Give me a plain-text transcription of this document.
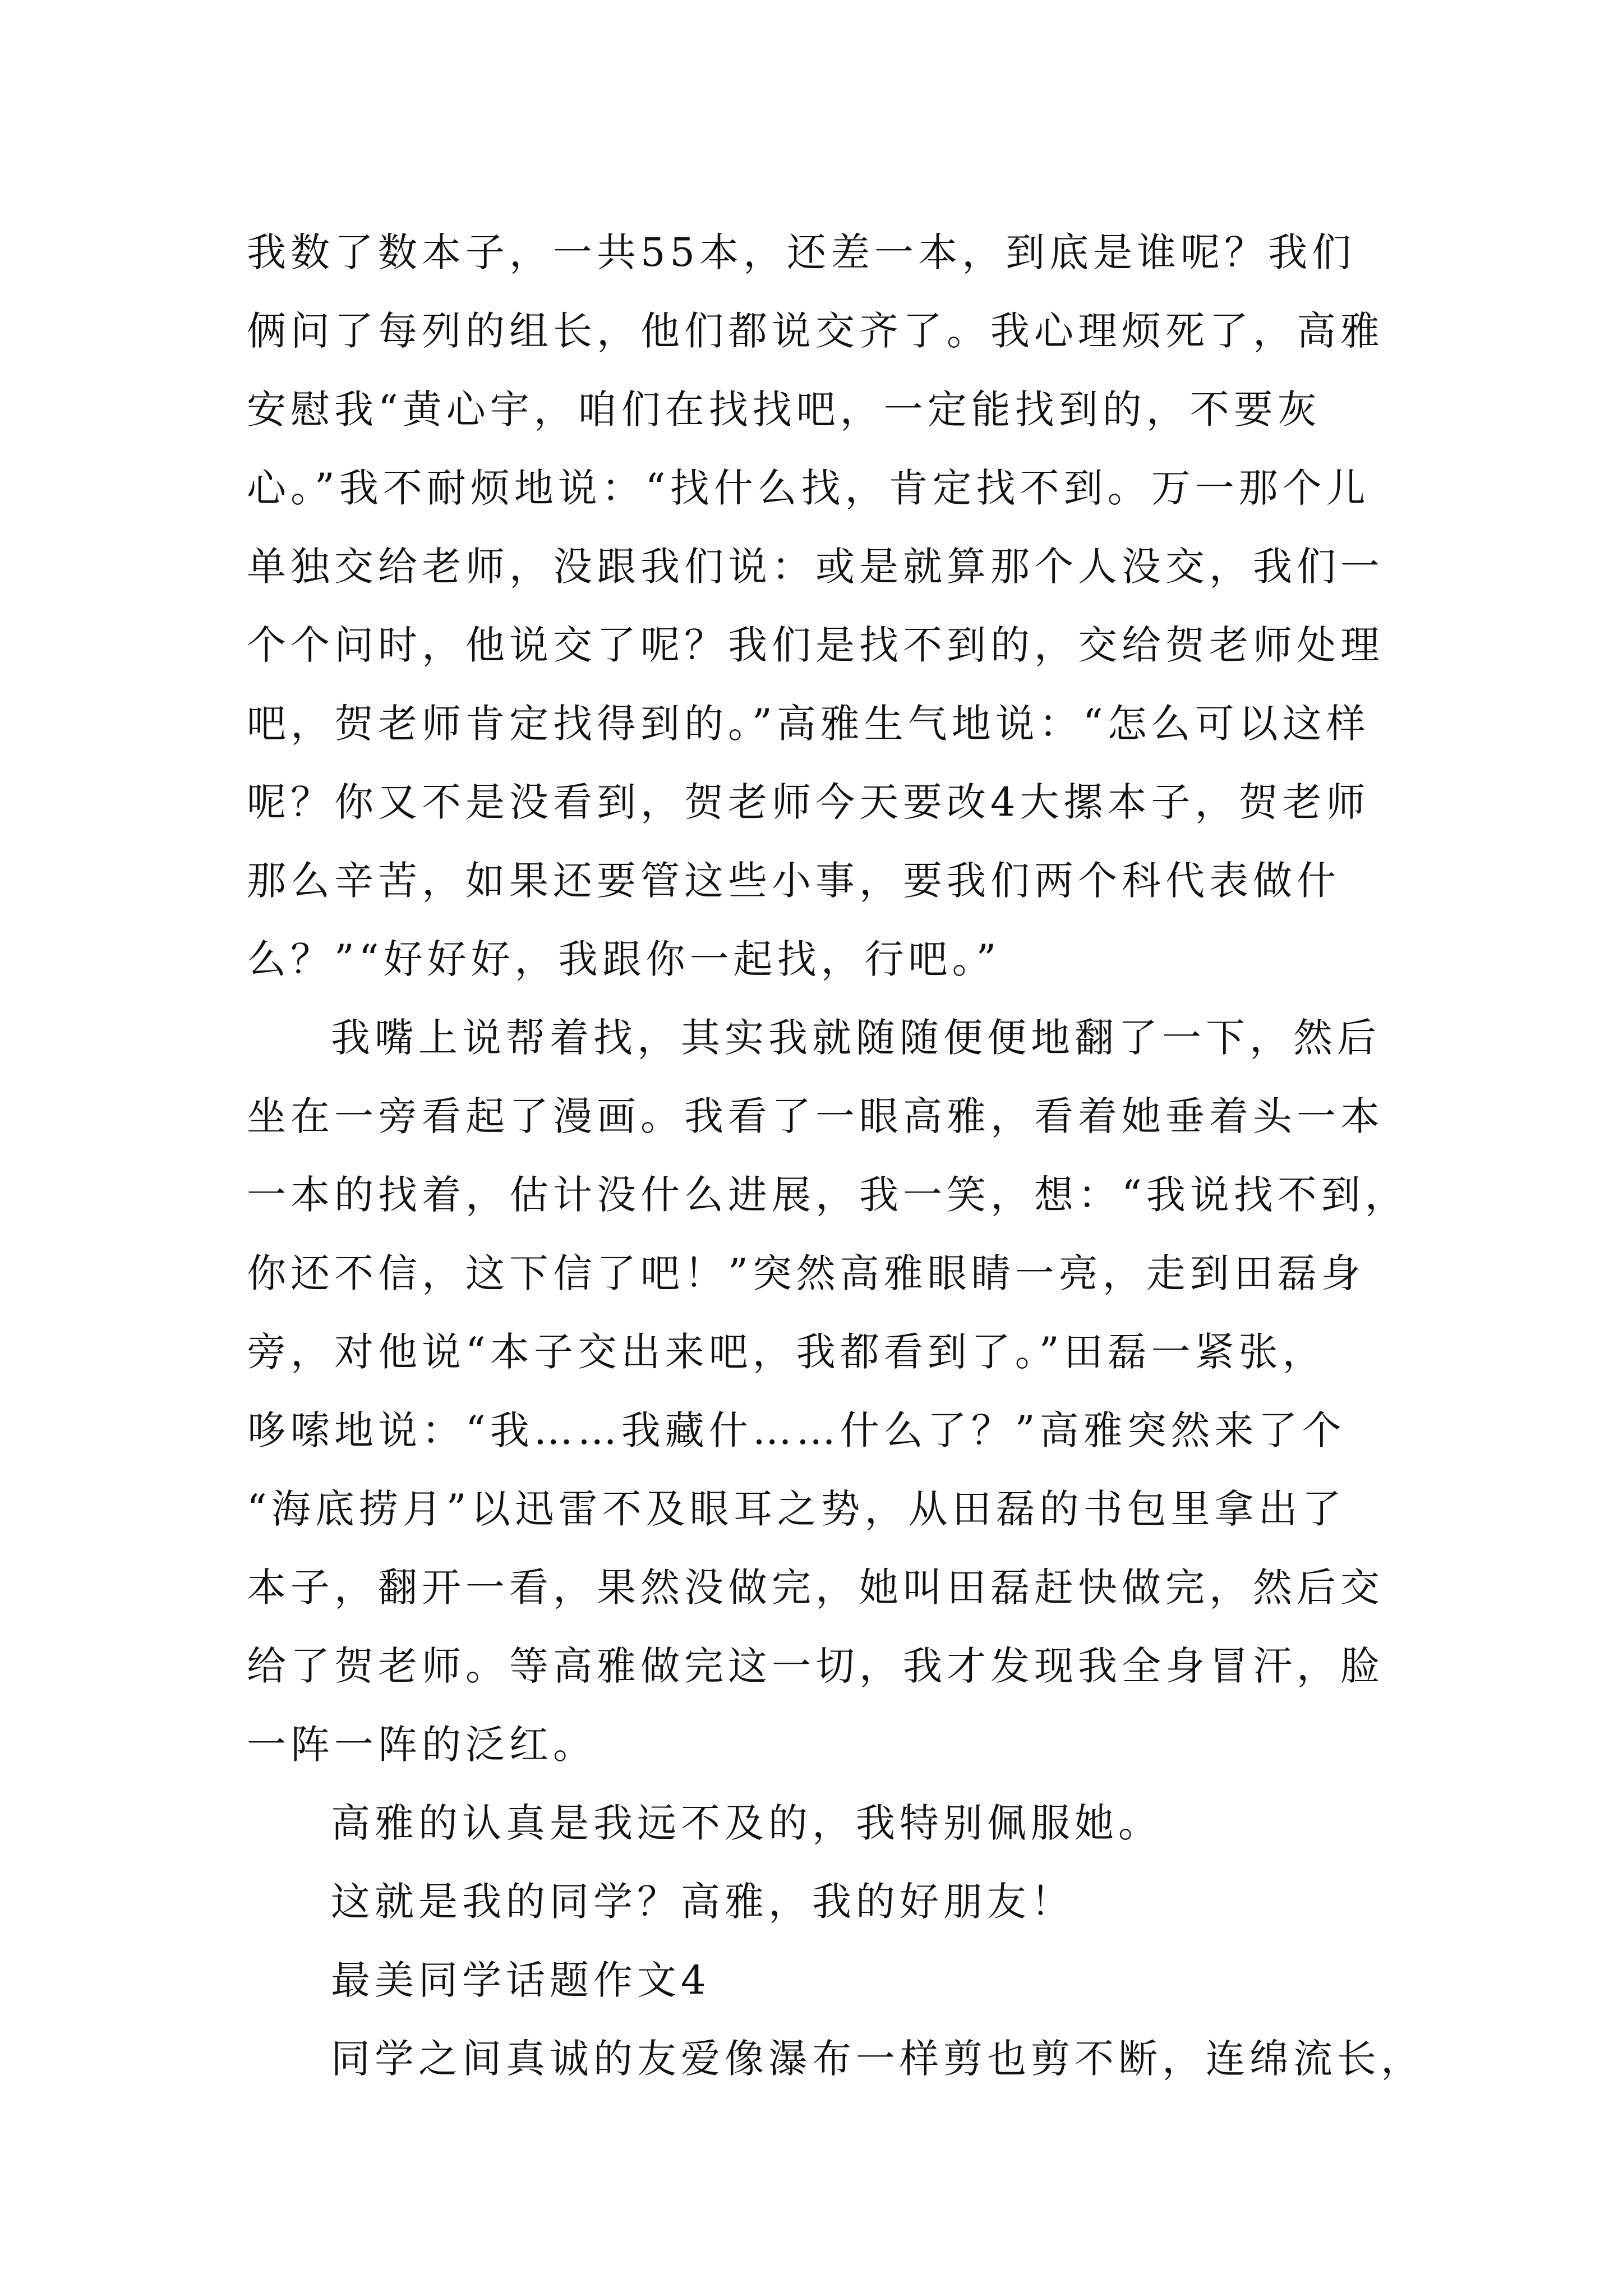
我数了数本子，一共55本，还差一本，到底是谁呢？我们
俩问了每列的组长，他们都说交齐了。我心理烦死了，高雅
安慰我“黄心宇，咱们在找找吧，一定能找到的，不要灰
心。”我不耐烦地说：“找什么找，肯定找不到。万一那个儿
单独交给老师，没跟我们说：或是就算那个人没交，我们一
个个问时，他说交了呢？我们是找不到的，交给贺老师处理
吧，贺老师肯定找得到的。”高雅生气地说：“怎么可以这样
呢？你又不是没看到，贺老师今天要改4大摞本子，贺老师
那么辛苦，如果还要管这些小事，要我们两个科代表做什
么？”“好好好，我跟你一起找，行吧。”
我嘴上说帮着找，其实我就随随便便地翻了一下，然后
坐在一旁看起了漫画。我看了一眼高雅，看着她垂着头一本
一本的找着，估计没什么进展，我一笑，想：“我说找不到，
你还不信，这下信了吧！”突然高雅眼睛一亮，走到田磊身
旁，对他说“本子交出来吧，我都看到了。”田磊一紧张，
哆嗦地说：“我……我藏什……什么了？”高雅突然来了个
“海底捞月”以迅雷不及眼耳之势，从田磊的书包里拿出了
本子，翻开一看，果然没做完，她叫田磊赶快做完，然后交
给了贺老师。等高雅做完这一切，我才发现我全身冒汗，脸
一阵一阵的泛红。
高雅的认真是我远不及的，我特别佩服她。
这就是我的同学？高雅，我的好朋友！
最美同学话题作文4
同学之间真诚的友爱像瀑布一样剪也剪不断，连绵流长，
